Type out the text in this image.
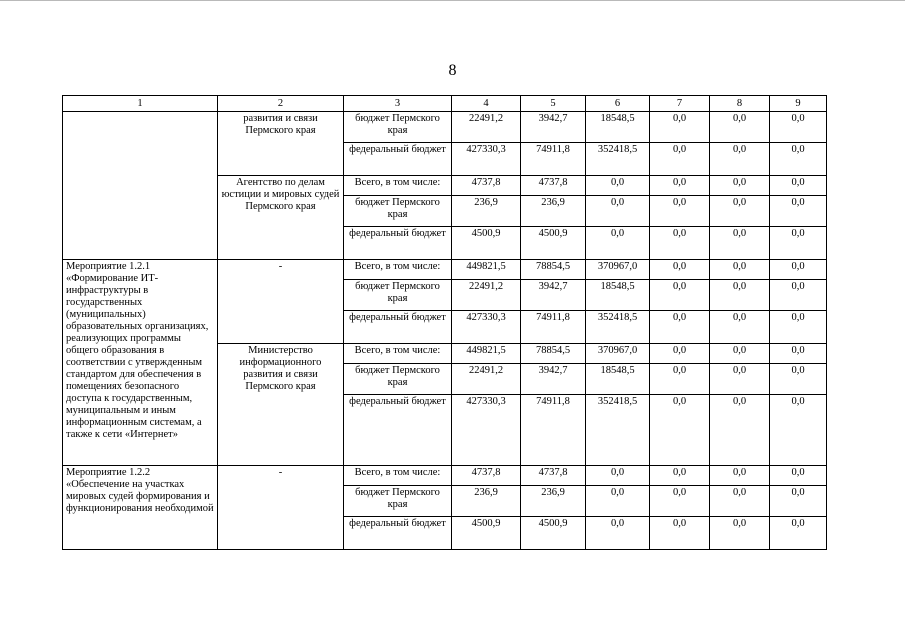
8
1	2	3	4	5	6	7	8	9
	развития и связи Пермского края	бюджет Пермского края	22491,2	3942,7	18548,5	0,0	0,0	0,0
		федеральный бюджет	427330,3	74911,8	352418,5	0,0	0,0	0,0
	Агентство по делам юстиции и мировых судей Пермского края	Всего, в том числе:	4737,8	4737,8	0,0	0,0	0,0	0,0
		бюджет Пермского края	236,9	236,9	0,0	0,0	0,0	0,0
		федеральный бюджет	4500,9	4500,9	0,0	0,0	0,0	0,0
Мероприятие 1.2.1 «Формирование ИТ-инфраструктуры в государственных (муниципальных) образовательных организациях, реализующих программы общего образования в соответствии с утвержденным стандартом для обеспечения в помещениях безопасного доступа к государственным, муниципальным и иным информационным системам, а также к сети «Интернет»	-	Всего, в том числе:	449821,5	78854,5	370967,0	0,0	0,0	0,0
		бюджет Пермского края	22491,2	3942,7	18548,5	0,0	0,0	0,0
		федеральный бюджет	427330,3	74911,8	352418,5	0,0	0,0	0,0
	Министерство информационного развития и связи Пермского края	Всего, в том числе:	449821,5	78854,5	370967,0	0,0	0,0	0,0
		бюджет Пермского края	22491,2	3942,7	18548,5	0,0	0,0	0,0
		федеральный бюджет	427330,3	74911,8	352418,5	0,0	0,0	0,0
Мероприятие 1.2.2 «Обеспечение на участках мировых судей формирования и функционирования необходимой	-	Всего, в том числе:	4737,8	4737,8	0,0	0,0	0,0	0,0
		бюджет Пермского края	236,9	236,9	0,0	0,0	0,0	0,0
		федеральный бюджет	4500,9	4500,9	0,0	0,0	0,0	0,0
